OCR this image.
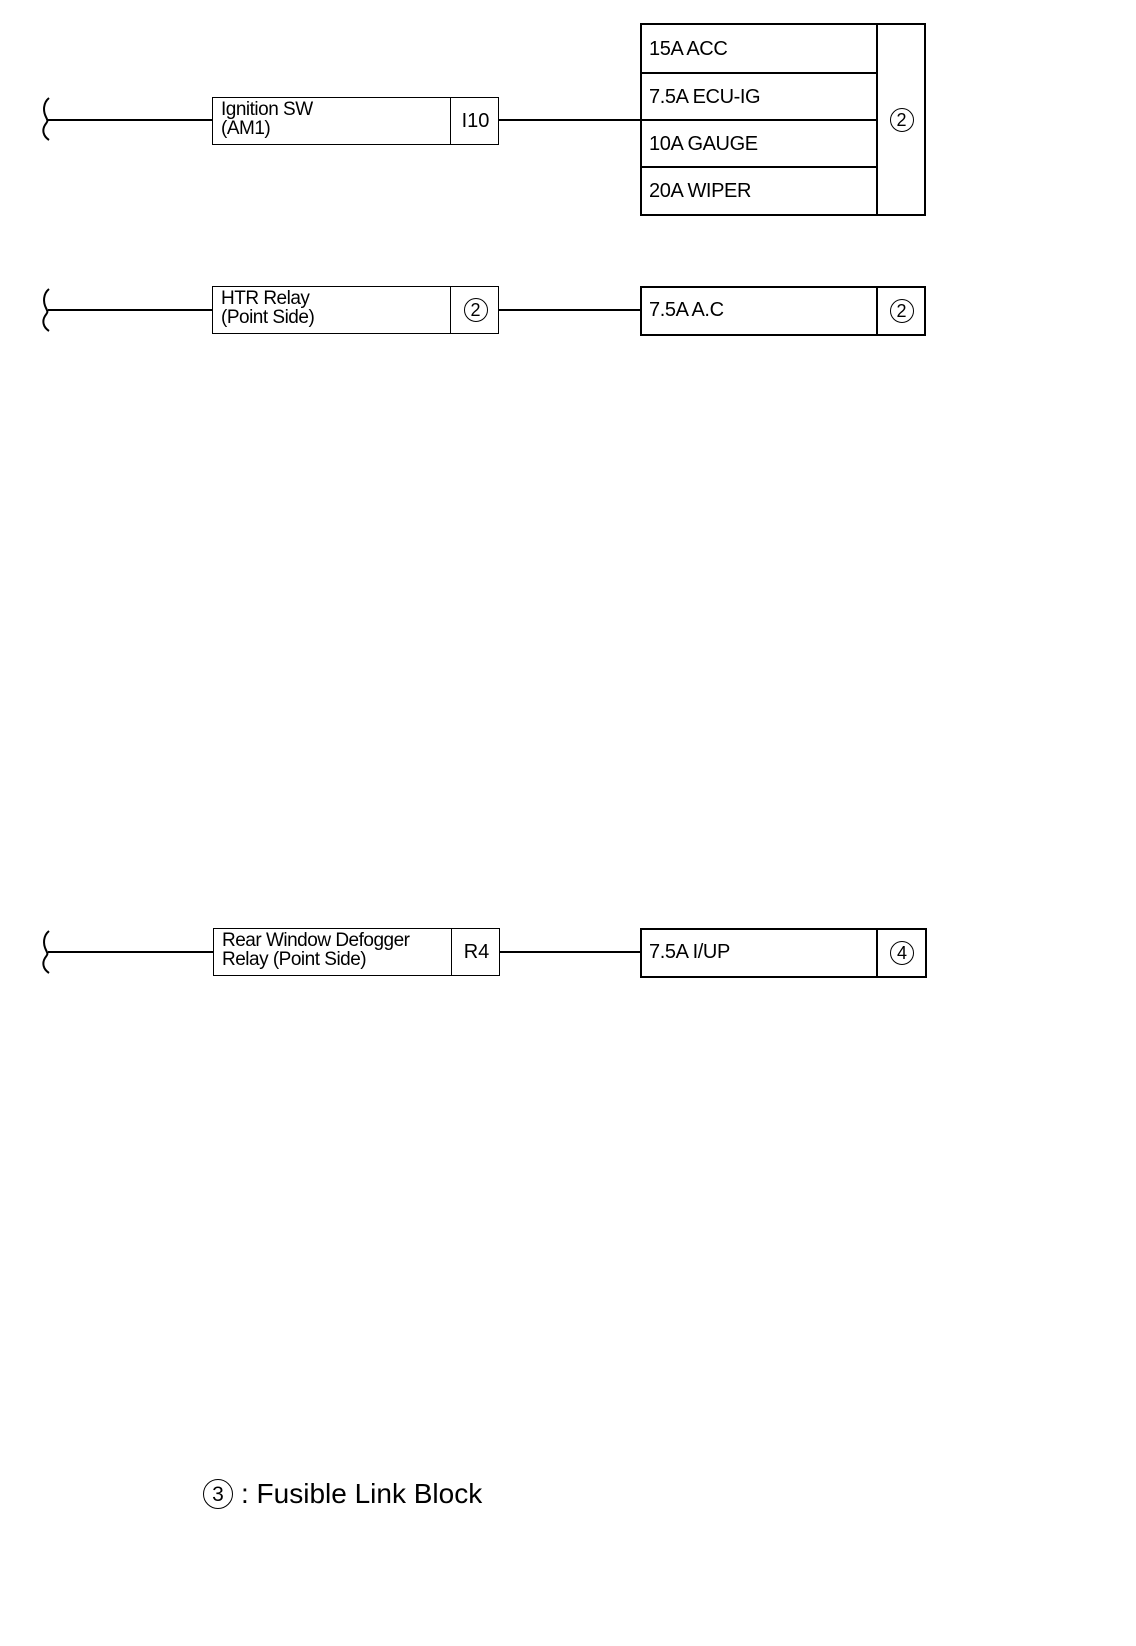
Ignition SW
(AM1)	I10
15A ACC
7.5A ECU-IG
10A GAUGE
20A WIPER
2
HTR Relay
(Point Side)	2	7.5A A.C	2
Rear Window Defogger
Relay (Point Side)	R4	7.5A I/UP	4
3 : Fusible Link Block
